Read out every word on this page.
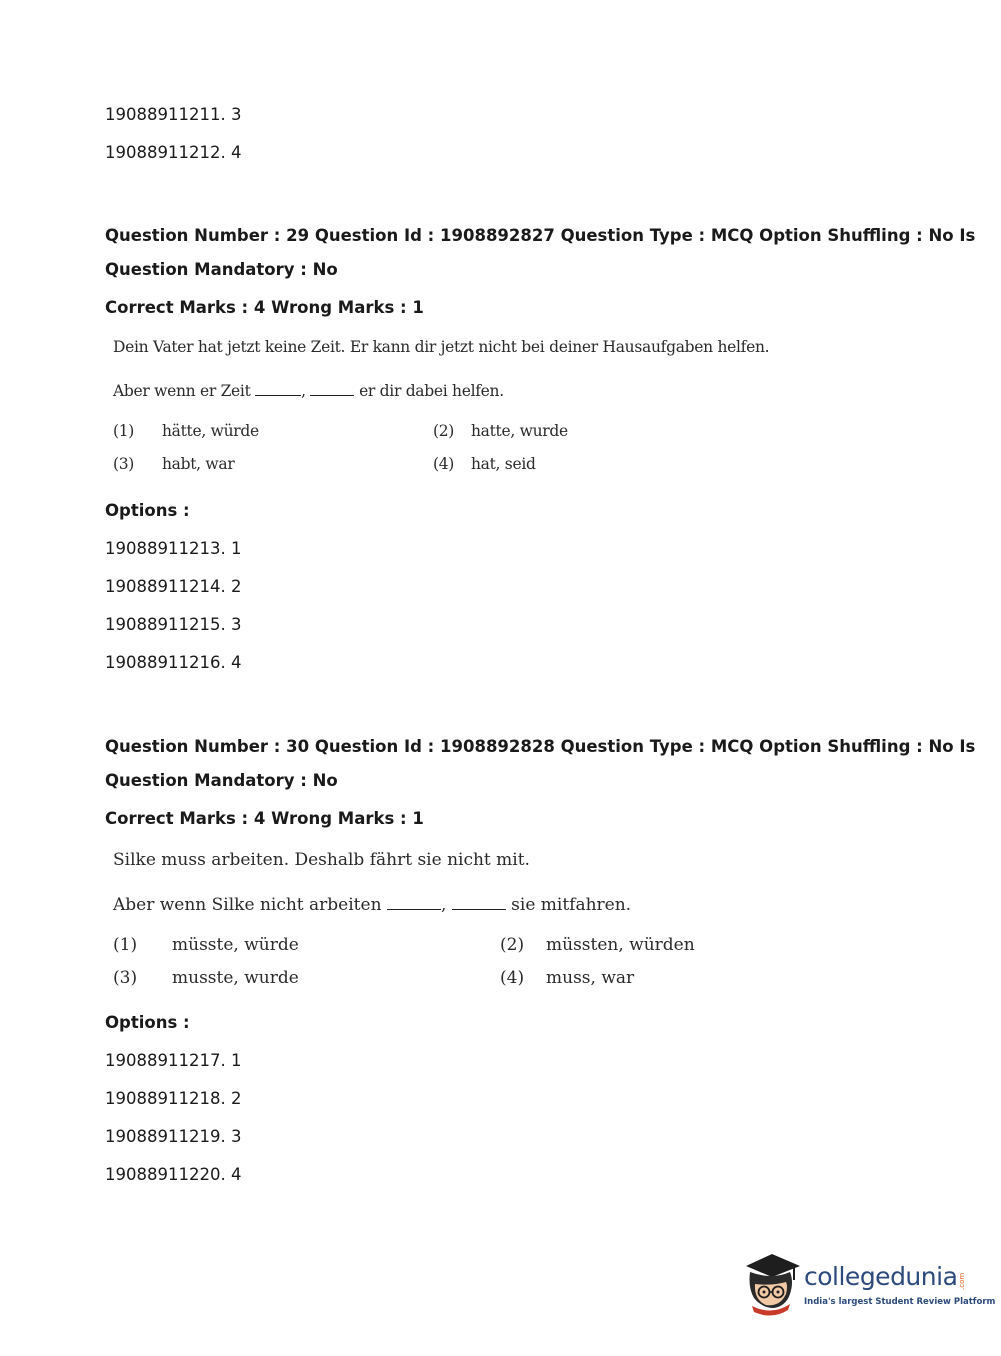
19088911211. 3
19088911212. 4
Question Number : 29 Question Id : 1908892827 Question Type : MCQ Option Shuffling : No Is
Question Mandatory : No
Correct Marks : 4 Wrong Marks : 1
Dein Vater hat jetzt keine Zeit. Er kann dir jetzt nicht bei deiner Hausaufgaben helfen.
Aber wenn er Zeit	,	er dir dabei helfen.
(1) hätte, würde	(2) hatte, wurde
(3) habt, war	(4) hat, seid
Options :
19088911213. 1
19088911214. 2
19088911215. 3
19088911216. 4
Question Number : 30 Question Id : 1908892828 Question Type : MCQ Option Shuffling : No Is
Question Mandatory : No
Correct Marks : 4 Wrong Marks : 1
Silke muss arbeiten. Deshalb fährt sie nicht mit.
Aber wenn Silke nicht arbeiten	,	sie mitfahren.
(1) müsste, würde	(2) müssten, würden
(3) musste, wurde	(4) muss, war
Options :
19088911217. 1
19088911218. 2
19088911219. 3
19088911220. 4
collegedunia .com
India's largest Student Review Platform
